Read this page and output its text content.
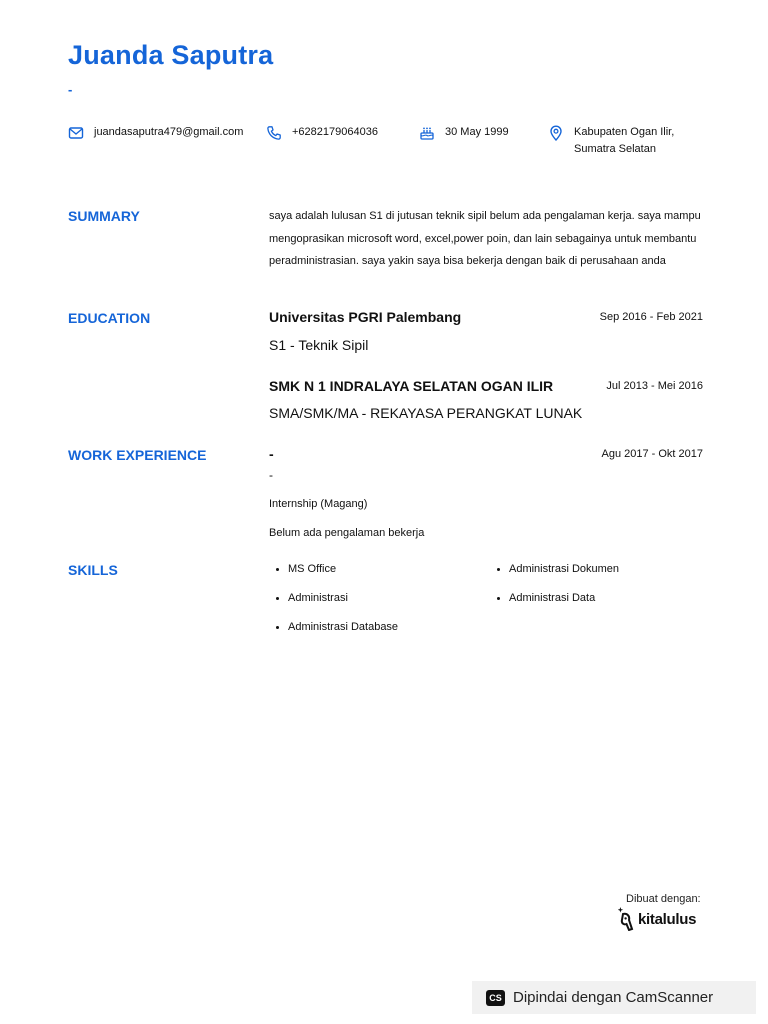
Juanda Saputra
-
juandasaputra479@gmail.com	+6282179064036	30 May 1999	Kabupaten Ogan Ilir,
Sumatra Selatan
SUMMARY	saya adalah lulusan S1 di jutusan teknik sipil belum ada pengalaman kerja. saya mampu mengoprasikan microsoft word, excel,power poin, dan lain sebagainya untuk membantu peradministrasian. saya yakin saya bisa bekerja dengan baik di perusahaan anda
EDUCATION	Universitas PGRI Palembang	Sep 2016 - Feb 2021
S1 - Teknik Sipil
SMK N 1 INDRALAYA SELATAN OGAN ILIR	Jul 2013 - Mei 2016
SMA/SMK/MA - REKAYASA PERANGKAT LUNAK
WORK EXPERIENCE	-	Agu 2017 - Okt 2017
-
Internship (Magang)
Belum ada pengalaman bekerja
SKILLS	MS Office	Administrasi Dokumen
Administrasi	Administrasi Data
Administrasi Database
Dibuat dengan:
kitalulus
CS Dipindai dengan CamScanner
